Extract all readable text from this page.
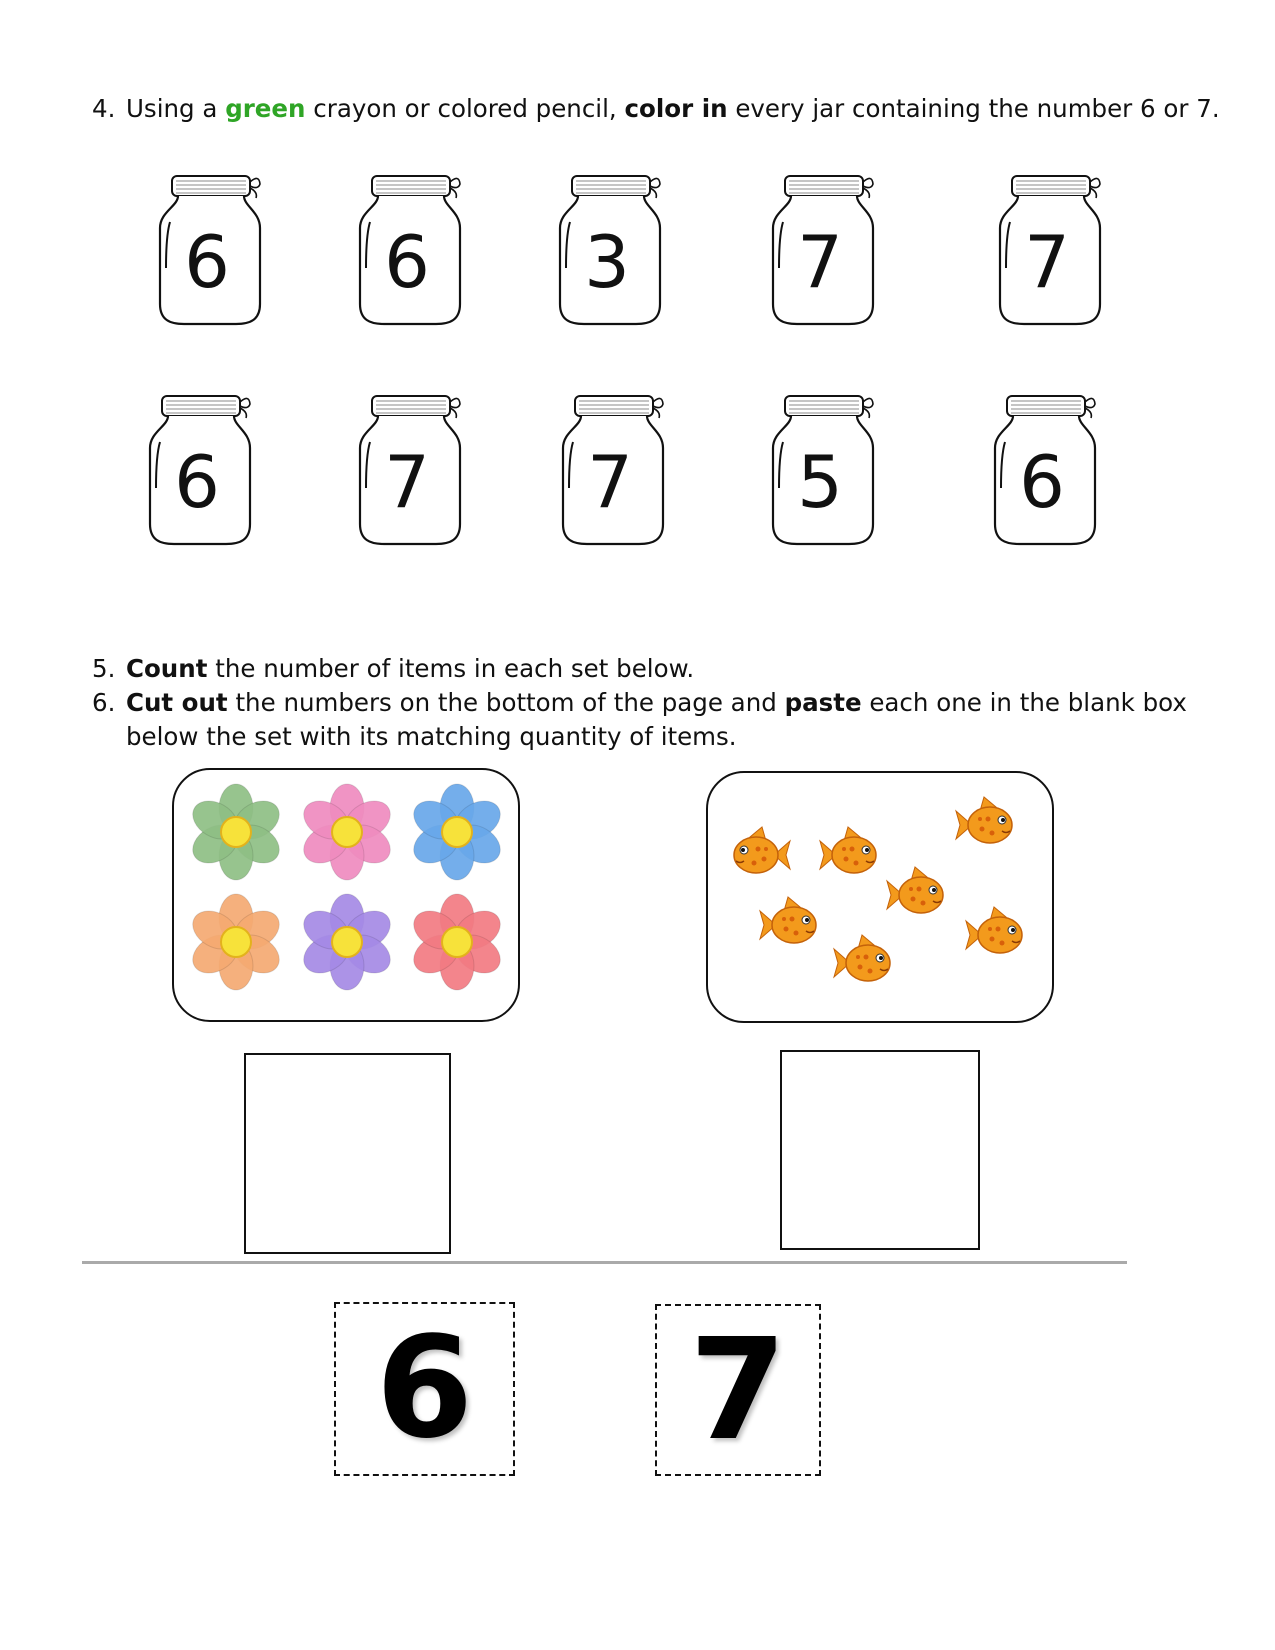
4. Using a green crayon or colored pencil, color in every jar containing the number 6 or 7.
6	6	3	7	7
6	7	7	5	6
5. Count the number of items in each set below.
6. Cut out the numbers on the bottom of the page and paste each one in the blank box
below the set with its matching quantity of items.
6 7
